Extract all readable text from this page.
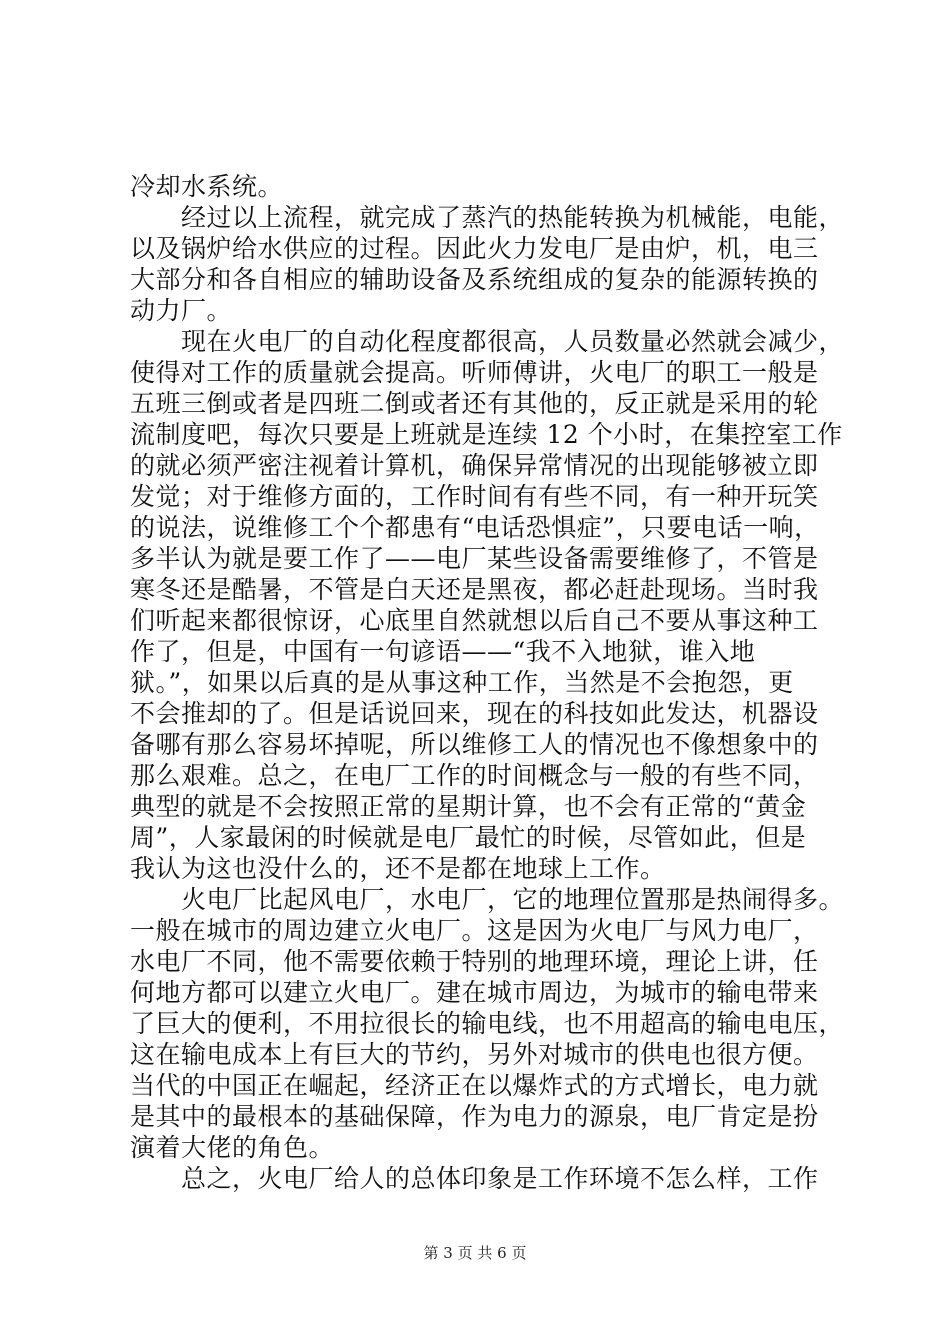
冷却水系统。
　　经过以上流程，就完成了蒸汽的热能转换为机械能，电能，
以及锅炉给水供应的过程。因此火力发电厂是由炉，机，电三
大部分和各自相应的辅助设备及系统组成的复杂的能源转换的
动力厂。
　　现在火电厂的自动化程度都很高，人员数量必然就会减少，
使得对工作的质量就会提高。听师傅讲，火电厂的职工一般是
五班三倒或者是四班二倒或者还有其他的，反正就是采用的轮
流制度吧，每次只要是上班就是连续 12 个小时，在集控室工作
的就必须严密注视着计算机，确保异常情况的出现能够被立即
发觉；对于维修方面的，工作时间有有些不同，有一种开玩笑
的说法，说维修工个个都患有“电话恐惧症”，只要电话一响，
多半认为就是要工作了——电厂某些设备需要维修了，不管是
寒冬还是酷暑，不管是白天还是黑夜，都必赶赴现场。当时我
们听起来都很惊讶，心底里自然就想以后自己不要从事这种工
作了，但是，中国有一句谚语——“我不入地狱，谁入地
狱。”，如果以后真的是从事这种工作，当然是不会抱怨，更
不会推却的了。但是话说回来，现在的科技如此发达，机器设
备哪有那么容易坏掉呢，所以维修工人的情况也不像想象中的
那么艰难。总之，在电厂工作的时间概念与一般的有些不同，
典型的就是不会按照正常的星期计算，也不会有正常的“黄金
周”，人家最闲的时候就是电厂最忙的时候，尽管如此，但是
我认为这也没什么的，还不是都在地球上工作。
　　火电厂比起风电厂，水电厂，它的地理位置那是热闹得多。
一般在城市的周边建立火电厂。这是因为火电厂与风力电厂，
水电厂不同，他不需要依赖于特别的地理环境，理论上讲，任
何地方都可以建立火电厂。建在城市周边，为城市的输电带来
了巨大的便利，不用拉很长的输电线，也不用超高的输电电压，
这在输电成本上有巨大的节约，另外对城市的供电也很方便。
当代的中国正在崛起，经济正在以爆炸式的方式增长，电力就
是其中的最根本的基础保障，作为电力的源泉，电厂肯定是扮
演着大佬的角色。
　　总之，火电厂给人的总体印象是工作环境不怎么样，工作
第 3 页 共 6 页
